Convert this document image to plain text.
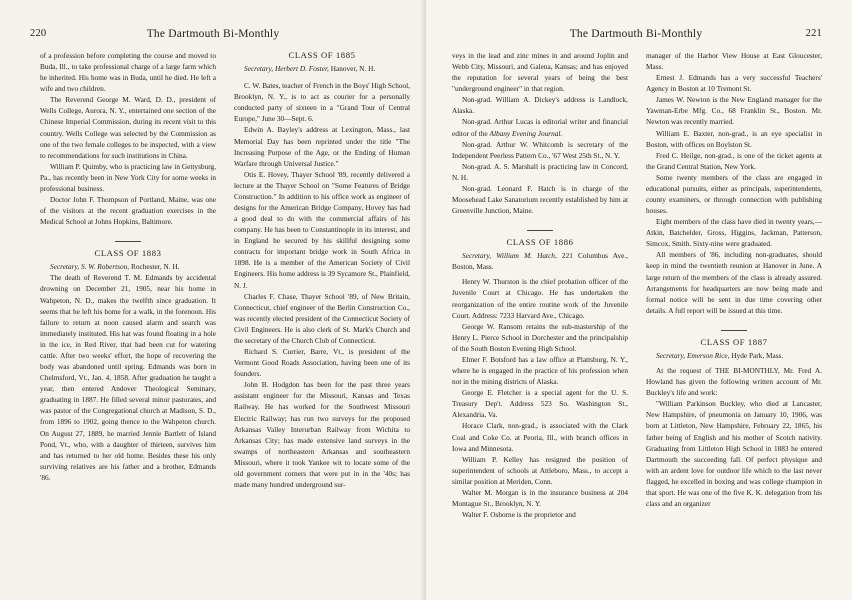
220	The Dartmouth Bi-Monthly

of a profession before completing the course and moved to Buda, Ill., to take professional charge of a large farm which he inherited. His home was in Buda, until he died. He left a wife and two children.

The Reverend George M. Ward, D. D., president of Wells College, Aurora, N. Y., entertained one section of the Chinese Imperial Commission, during its recent visit to this country. Wells College was selected by the Commission as one of the two female colleges to be inspected, with a view to recommendations for such institutions in China.

William P. Quimby, who is practicing law in Gettysburg, Pa., has recently been in New York City for some weeks in professional business.

Doctor John F. Thompson of Portland, Maine, was one of the visitors at the recent graduation exercises in the Medical School at Johns Hopkins, Baltimore.

CLASS OF 1883

Secretary, S. W. Robertson, Rochester, N. H.

The death of Reverend T. M. Edmands by accidental drowning on December 21, 1905, near his home in Wahpeton, N. D., makes the twelfth since graduation. It seems that he left his home for a walk, in the forenoon. His failure to return at noon caused alarm and search was immediately instituted. His hat was found floating in a hole in the ice, in Red River, that had been cut for watering cattle. After two weeks' effort, the hope of recovering the body was abandoned until spring. Edmands was born in Chelmsford, Vt., Jan. 4, 1858. After graduation he taught a year, then entered Andover Theological Seminary, graduating in 1887. He filled several minor pastorates, and was pastor of the Congregational church at Madison, S. D., from 1896 to 1902, going thence to the Wahpeton church. On August 27, 1889, he married Jennie Bartlett of Island Pond, Vt., who, with a daughter of thirteen, survives him and has returned to her old home. Besides these his only surviving relatives are his father and a brother, Edmands '86.

CLASS OF 1885

Secretary, Herbert D. Foster, Hanover, N. H.

C. W. Bates, teacher of French in the Boys' High School, Brooklyn, N. Y., is to act as courier for a personally conducted party of sixteen in a "Grand Tour of Central Europe," June 30—Sept. 6.

Edwin A. Bayley's address at Lexington, Mass., last Memorial Day has been reprinted under the title "The Increasing Purpose of the Age, or the Ending of Human Warfare through Universal Justice."

Otis E. Hovey, Thayer School '89, recently delivered a lecture at the Thayer School on "Some Features of Bridge Construction." In addition to his office work as engineer of designs for the American Bridge Company, Hovey has had a good deal to do with the commercial affairs of his company. He has been to Constantinople in its interest, and in England he secured by his skillful designing some contracts for important bridge work in South Africa in 1898. He is a member of the American Society of Civil Engineers. His home address is 39 Sycamore St., Plainfield, N. J.

Charles F. Chase, Thayer School '89, of New Britain, Connecticut, chief engineer of the Berlin Construction Co., was recently elected president of the Connecticut Society of Civil Engineers. He is also clerk of St. Mark's Church and the secretary of the Church Club of Connecticut.

Richard S. Currier, Barre, Vt., is president of the Vermont Good Roads Association, having been one of its founders.

John B. Hodgdon has been for the past three years assistant engineer for the Missouri, Kansas and Texas Railway. He has worked for the Southwest Missouri Electric Railway; has run two surveys for the proposed Arkansas Valley Interurban Railway from Wichita to Arkansas City; has made extensive land surveys in the swamps of northeastern Arkansas and southeastern Missouri, where it took Yankee wit to locate some of the old government corners that were put in in the '40s; has made many hundred underground sur-

The Dartmouth Bi-Monthly	221

veys in the lead and zinc mines in and around Joplin and Webb City, Missouri, and Galena, Kansas; and has enjoyed the reputation for several years of being the best "underground engineer" in that region.

Non-grad. William A. Dickey's address is Landlock, Alaska.

Non-grad. Arthur Lucas is editorial writer and financial editor of the Albany Evening Journal.

Non-grad. Arthur W. Whitcomb is secretary of the Independent Peerless Pattern Co., '67 West 25th St., N. Y.

Non-grad. A. S. Marshall is practicing law in Concord, N. H.

Non-grad. Leonard F. Hatch is in charge of the Moosehead Lake Sanatorium recently established by him at Greenville Junction, Maine.

CLASS OF 1886

Secretary, William M. Hatch, 221 Columbus Ave., Boston, Mass.

Henry W. Thurston is the chief probation officer of the Juvenile Court at Chicago. He has undertaken the reorganization of the entire routine work of the Juvenile Court. Address: 7233 Harvard Ave., Chicago.

George W. Ransom retains the sub-mastership of the Henry L. Pierce School in Dorchester and the principalship of the South Boston Evening High School.

Elmer F. Botsford has a law office at Plattsburg, N. Y., where he is engaged in the practice of his profession when not in the mining districts of Alaska.

George E. Fletcher is a special agent for the U. S. Treasury Dep't. Address 523 So. Washington St., Alexandria, Va.

Horace Clark, non-grad., is associated with the Clark Coal and Coke Co. at Peoria, Ill., with branch offices in Iowa and Minnesota.

William P. Kelley has resigned the position of superintendent of schools at Attleboro, Mass., to accept a similar position at Meriden, Conn.

Walter M. Morgan is in the insurance business at 204 Montague St., Brooklyn, N. Y.

Walter F. Osborne is the proprietor and

manager of the Harbor View House at East Gloucester, Mass.

Ernest J. Edmands has a very successful Teachers' Agency in Boston at 10 Tremont St.

James W. Newton is the New England manager for the Yawman-Erbe Mfg. Co., 68 Franklin St., Boston. Mr. Newton was recently married.

William E. Baxter, non-grad., is an eye specialist in Boston, with offices on Boylston St.

Fred C. Heilge, non-grad., is one of the ticket agents at the Grand Central Station, New York.

Some twenty members of the class are engaged in educational pursuits, either as principals, superintendents, county examiners, or through connection with publishing houses.

Eight members of the class have died in twenty years,—Atkin, Batchelder, Gross, Higgins, Jackman, Patterson, Simcox, Smith. Sixty-nine were graduated.

All members of '86, including non-graduates, should keep in mind the twentieth reunion at Hanover in June. A large return of the members of the class is already assured. Arrangements for headquarters are now being made and formal notice will be sent in due time covering other details. A full report will be issued at this time.

CLASS OF 1887

Secretary, Emerson Rice, Hyde Park, Mass.

At the request of THE BI-MONTHLY, Mr. Fred A. Howland has given the following written account of Mr. Buckley's life and work:

"William Parkinson Buckley, who died at Lancaster, New Hampshire, of pneumonia on January 10, 1906, was born at Littleton, New Hampshire, February 22, 1865, his father being of English and his mother of Scotch nativity. Graduating from Littleton High School in 1883 he entered Dartmouth the succeeding fall. Of perfect physique and with an ardent love for outdoor life which to the last never flagged, he excelled in boxing and was college champion in that sport. He was one of the five K. K. delegation from his class and an organizer
